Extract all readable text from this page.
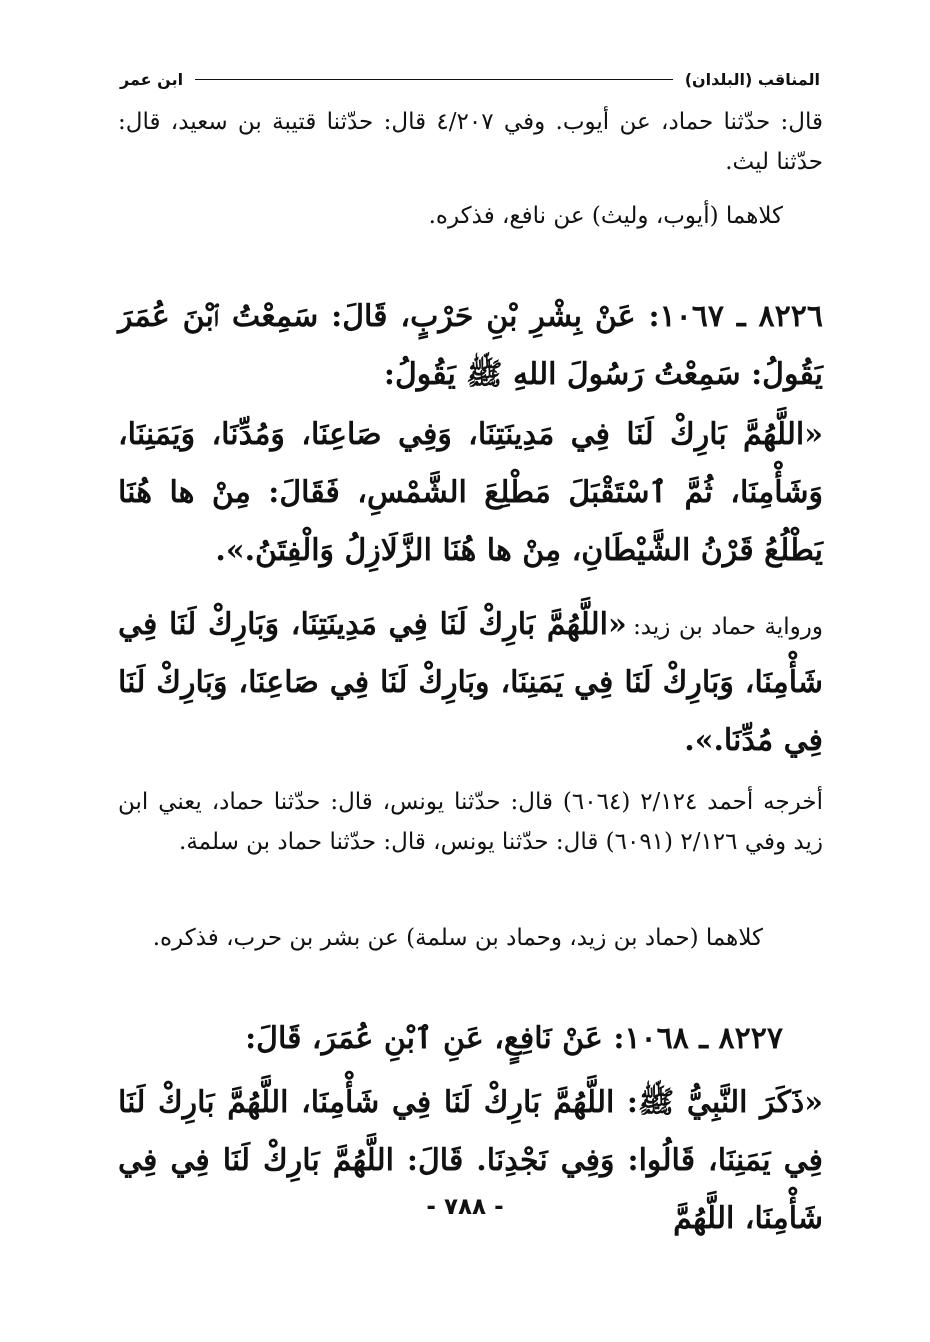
المناقب (البلدان)
ابن عمر
قال: حدّثنا حماد، عن أيوب. وفي ٤/٢٠٧ قال: حدّثنا قتيبة بن سعيد، قال: حدّثنا ليث.
كلاهما (أيوب، وليث) عن نافع، فذكره.
٨٢٢٦ ـ ١٠٦٧: عَنْ بِشْرِ بْنِ حَرْبٍ، قَالَ: سَمِعْتُ ٱبْنَ عُمَرَ يَقُولُ: سَمِعْتُ رَسُولَ اللهِ ﷺ يَقُولُ:
«اللَّهُمَّ بَارِكْ لَنَا فِي مَدِينَتِنَا، وَفِي صَاعِنَا، وَمُدِّنَا، وَيَمَنِنَا، وَشَأْمِنَا، ثُمَّ ٱسْتَقْبَلَ مَطْلِعَ الشَّمْسِ، فَقَالَ: مِنْ ها هُنَا يَطْلُعُ قَرْنُ الشَّيْطَانِ، مِنْ ها هُنَا الزَّلَازِلُ وَالْفِتَنُ.».
ورواية حماد بن زيد: «اللَّهُمَّ بَارِكْ لَنَا فِي مَدِينَتِنَا، وَبَارِكْ لَنَا فِي شَأْمِنَا، وَبَارِكْ لَنَا فِي يَمَنِنَا، وبَارِكْ لَنَا فِي صَاعِنَا، وَبَارِكْ لَنَا فِي مُدِّنَا.».
أخرجه أحمد ٢/١٢٤ (٦٠٦٤) قال: حدّثنا يونس، قال: حدّثنا حماد، يعني ابن زيد وفي ٢/١٢٦ (٦٠٩١) قال: حدّثنا يونس، قال: حدّثنا حماد بن سلمة.
كلاهما (حماد بن زيد، وحماد بن سلمة) عن بشر بن حرب، فذكره.
٨٢٢٧ ـ ١٠٦٨: عَنْ نَافِعٍ، عَنِ ٱبْنِ عُمَرَ، قَالَ:
«ذَكَرَ النَّبِيُّ ﷺ: اللَّهُمَّ بَارِكْ لَنَا فِي شَأْمِنَا، اللَّهُمَّ بَارِكْ لَنَا فِي يَمَنِنَا، قَالُوا: وَفِي نَجْدِنَا. قَالَ: اللَّهُمَّ بَارِكْ لَنَا فِي فِي شَأْمِنَا، اللَّهُمَّ
- ٧٨٨ -
